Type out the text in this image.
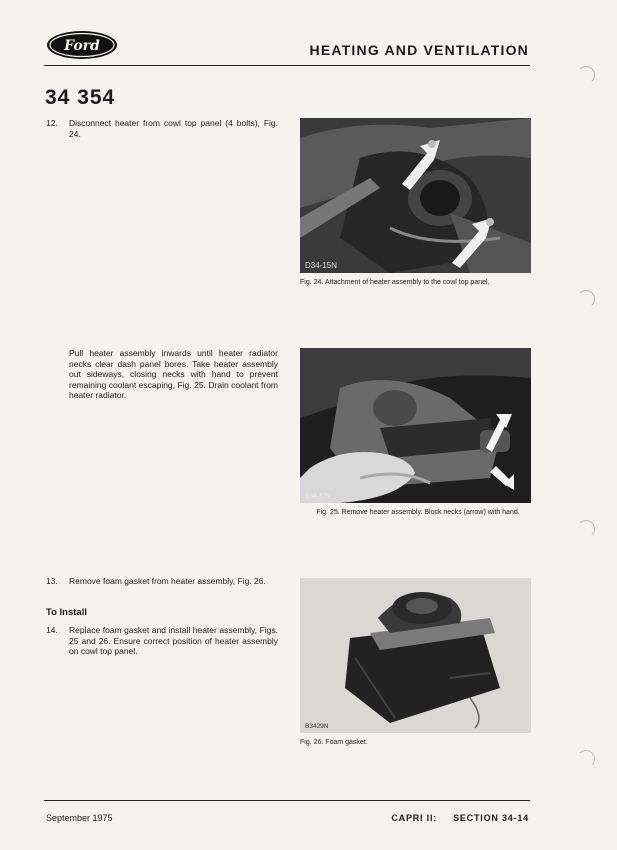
Ford	HEATING AND VENTILATION
34 354
12. Disconnect heater from cowl top panel (4 bolts), Fig. 24.
Pull heater assembly inwards until heater radiator necks clear dash panel bores. Take heater assembly out sideways, closing necks with hand to prevent remaining coolant escaping, Fig. 25. Drain coolant from heater radiator.
13. Remove foam gasket from heater assembly, Fig. 26.
To Install
14. Replace foam gasket and install heater assembly, Figs. 25 and 26. Ensure correct position of heater assembly on cowl top panel.
D34-15N
Fig. 24. Attachment of heater assembly to the cowl top panel.
B34-37N
Fig. 25. Remove heater assembly. Block necks (arrow) with hand.
B3429N
Fig. 26. Foam gasket.
September 1975	CAPRI II: SECTION 34-14
